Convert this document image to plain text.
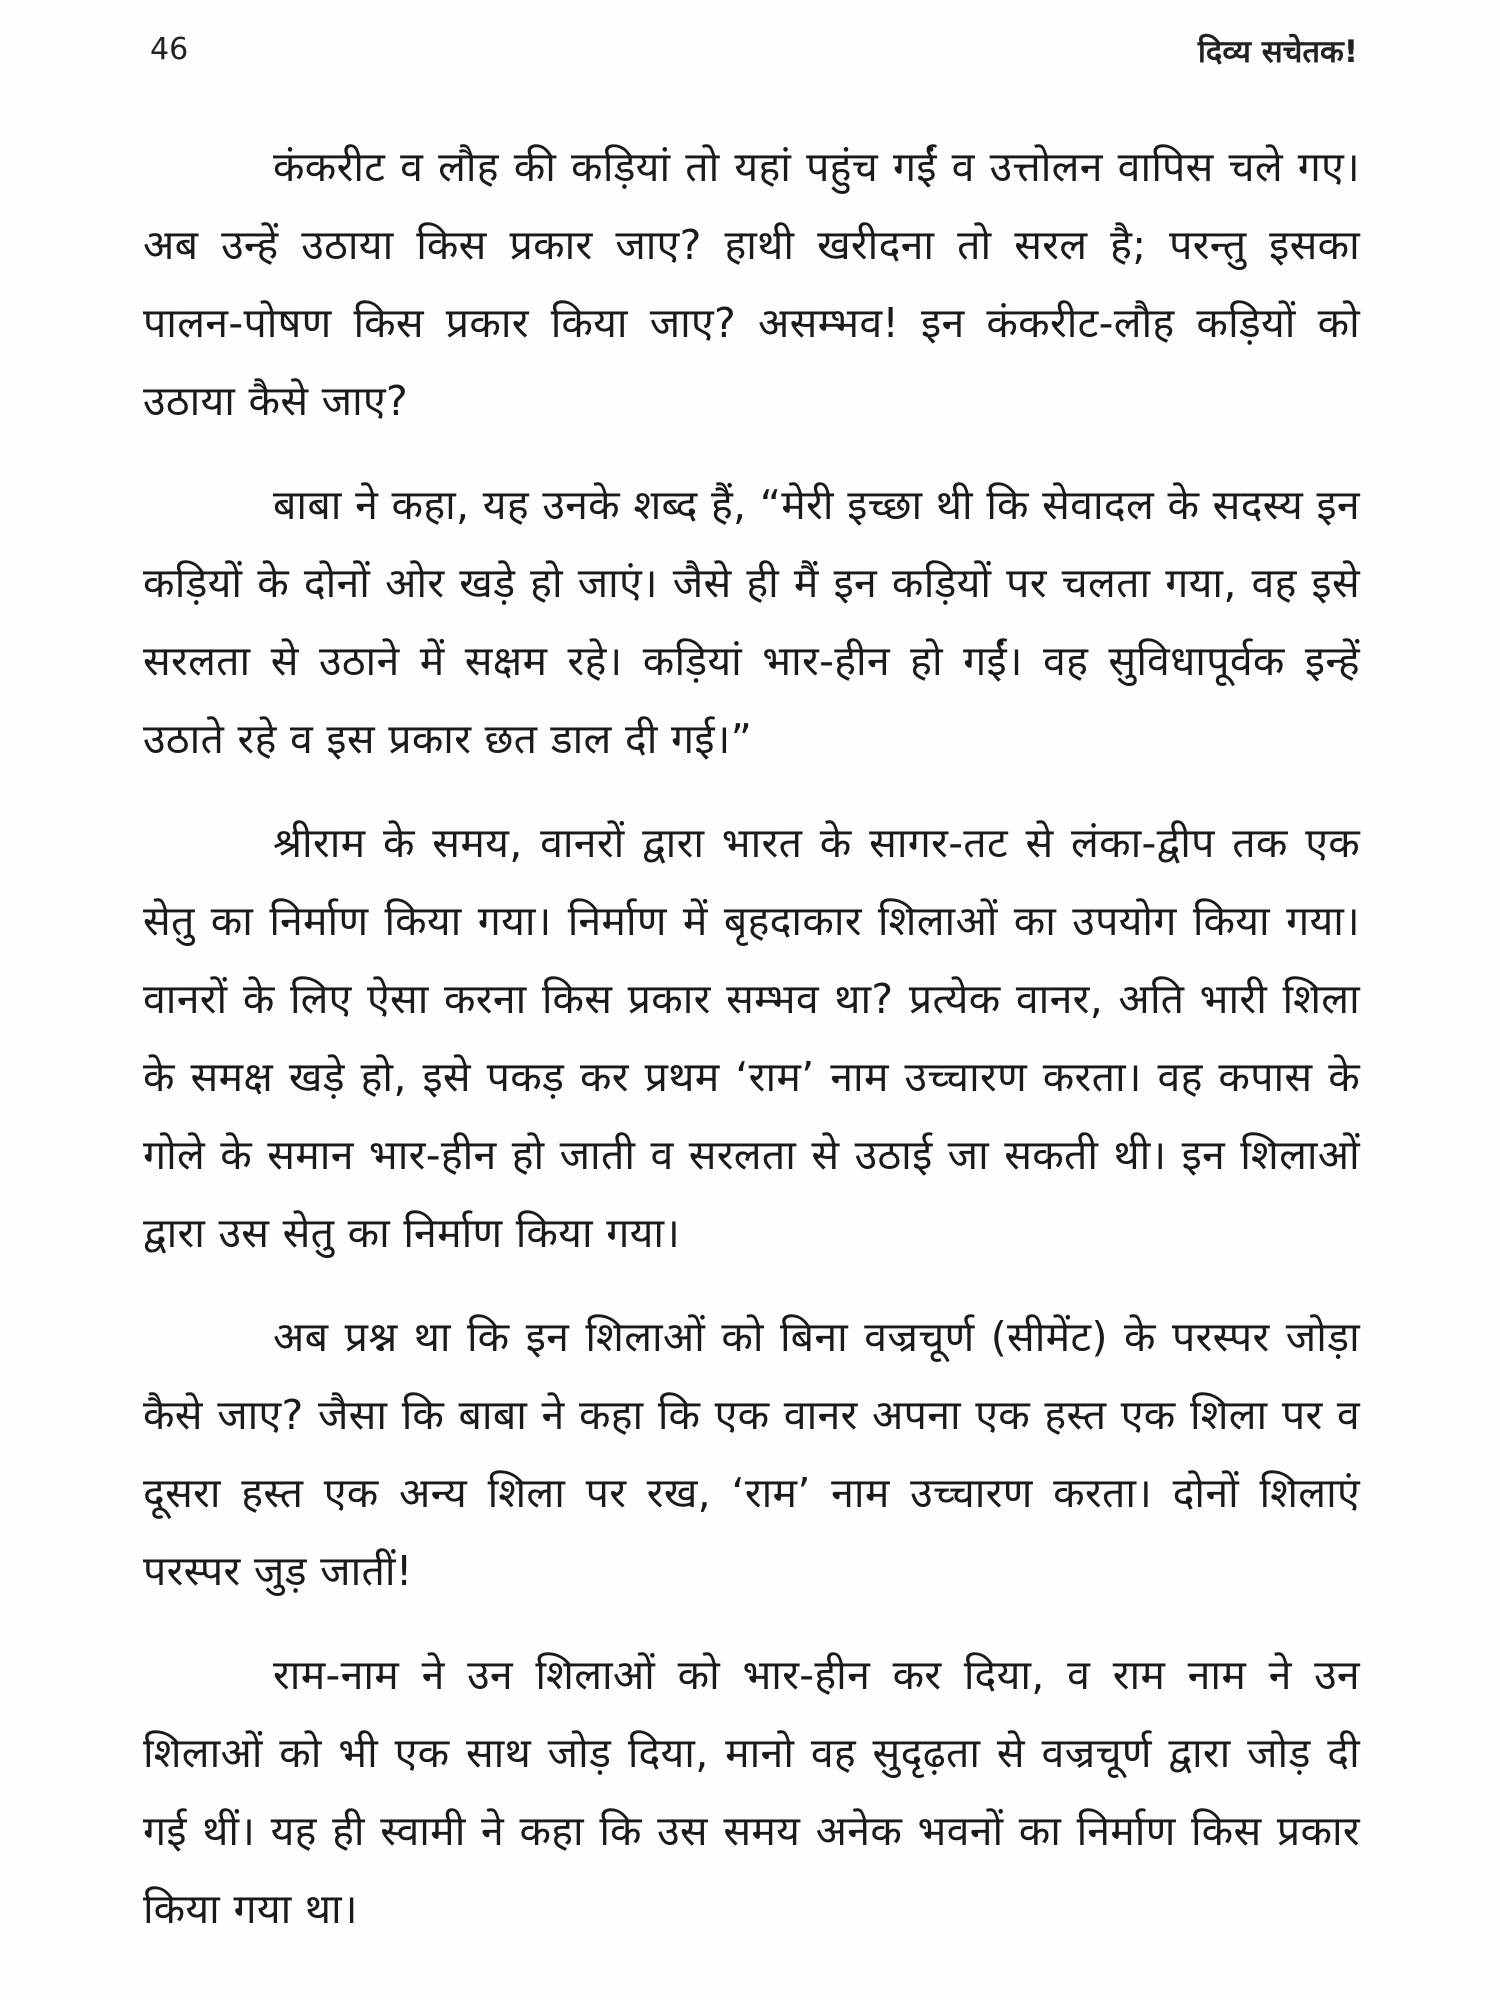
46	दिव्य सचेतक!

कंकरीट व लौह की कड़ियां तो यहां पहुंच गईं व उत्तोलन वापिस चले गए। अब उन्हें उठाया किस प्रकार जाए? हाथी खरीदना तो सरल है; परन्तु इसका पालन-पोषण किस प्रकार किया जाए? असम्भव! इन कंकरीट-लौह कड़ियों को उठाया कैसे जाए?

बाबा ने कहा, यह उनके शब्द हैं, “मेरी इच्छा थी कि सेवादल के सदस्य इन कड़ियों के दोनों ओर खड़े हो जाएं। जैसे ही मैं इन कड़ियों पर चलता गया, वह इसे सरलता से उठाने में सक्षम रहे। कड़ियां भार-हीन हो गईं। वह सुविधापूर्वक इन्हें उठाते रहे व इस प्रकार छत डाल दी गई।”

श्रीराम के समय, वानरों द्वारा भारत के सागर-तट से लंका-द्वीप तक एक सेतु का निर्माण किया गया। निर्माण में बृहदाकार शिलाओं का उपयोग किया गया। वानरों के लिए ऐसा करना किस प्रकार सम्भव था? प्रत्येक वानर, अति भारी शिला के समक्ष खड़े हो, इसे पकड़ कर प्रथम ‘राम’ नाम उच्चारण करता। वह कपास के गोले के समान भार-हीन हो जाती व सरलता से उठाई जा सकती थी। इन शिलाओं द्वारा उस सेतु का निर्माण किया गया।

अब प्रश्न था कि इन शिलाओं को बिना वज्रचूर्ण (सीमेंट) के परस्पर जोड़ा कैसे जाए? जैसा कि बाबा ने कहा कि एक वानर अपना एक हस्त एक शिला पर व दूसरा हस्त एक अन्य शिला पर रख, ‘राम’ नाम उच्चारण करता। दोनों शिलाएं परस्पर जुड़ जातीं!

राम-नाम ने उन शिलाओं को भार-हीन कर दिया, व राम नाम ने उन शिलाओं को भी एक साथ जोड़ दिया, मानो वह सुदृढ़ता से वज्रचूर्ण द्वारा जोड़ दी गई थीं। यह ही स्वामी ने कहा कि उस समय अनेक भवनों का निर्माण किस प्रकार किया गया था।
